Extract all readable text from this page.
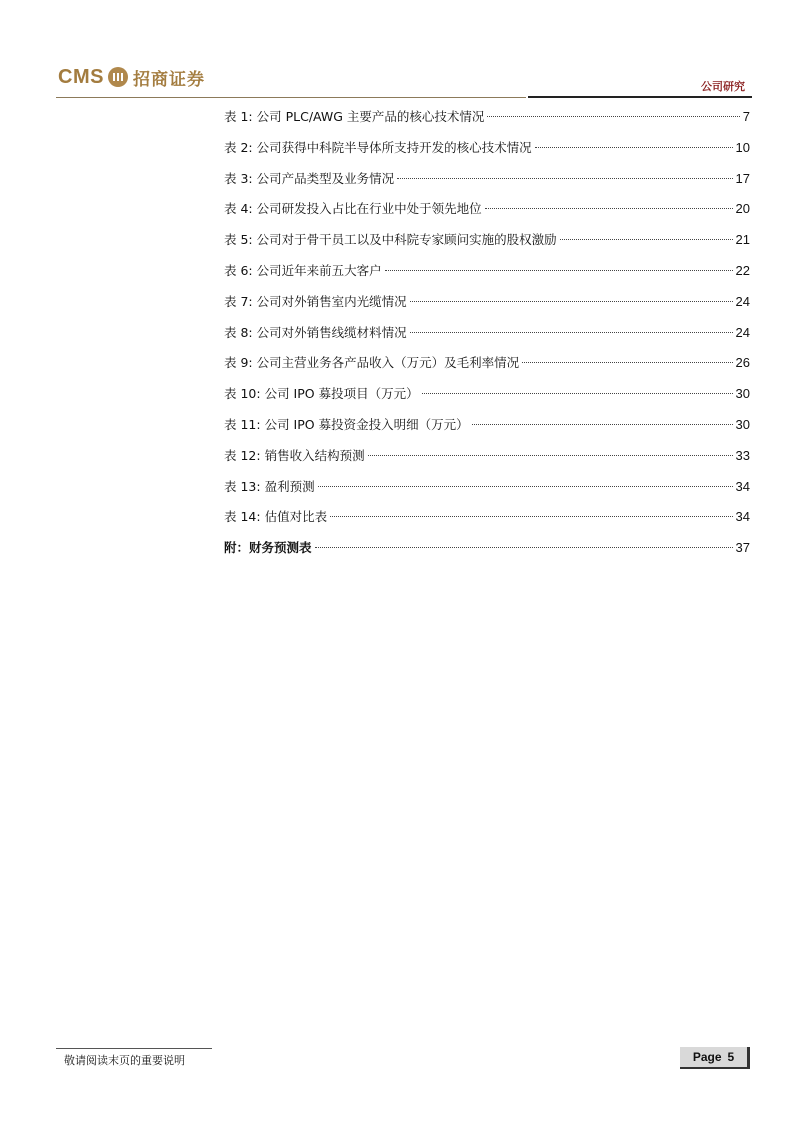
CMS 招商证券	公司研究
表 1: 公司 PLC/AWG 主要产品的核心技术情况	7
表 2: 公司获得中科院半导体所支持开发的核心技术情况	10
表 3: 公司产品类型及业务情况	17
表 4: 公司研发投入占比在行业中处于领先地位	20
表 5: 公司对于骨干员工以及中科院专家顾问实施的股权激励	21
表 6: 公司近年来前五大客户	22
表 7: 公司对外销售室内光缆情况	24
表 8: 公司对外销售线缆材料情况	24
表 9: 公司主营业务各产品收入（万元）及毛利率情况	26
表 10: 公司 IPO 募投项目（万元）	30
表 11: 公司 IPO 募投资金投入明细（万元）	30
表 12: 销售收入结构预测	33
表 13: 盈利预测	34
表 14: 估值对比表	34
附：财务预测表	37
敬请阅读末页的重要说明	Page 5
